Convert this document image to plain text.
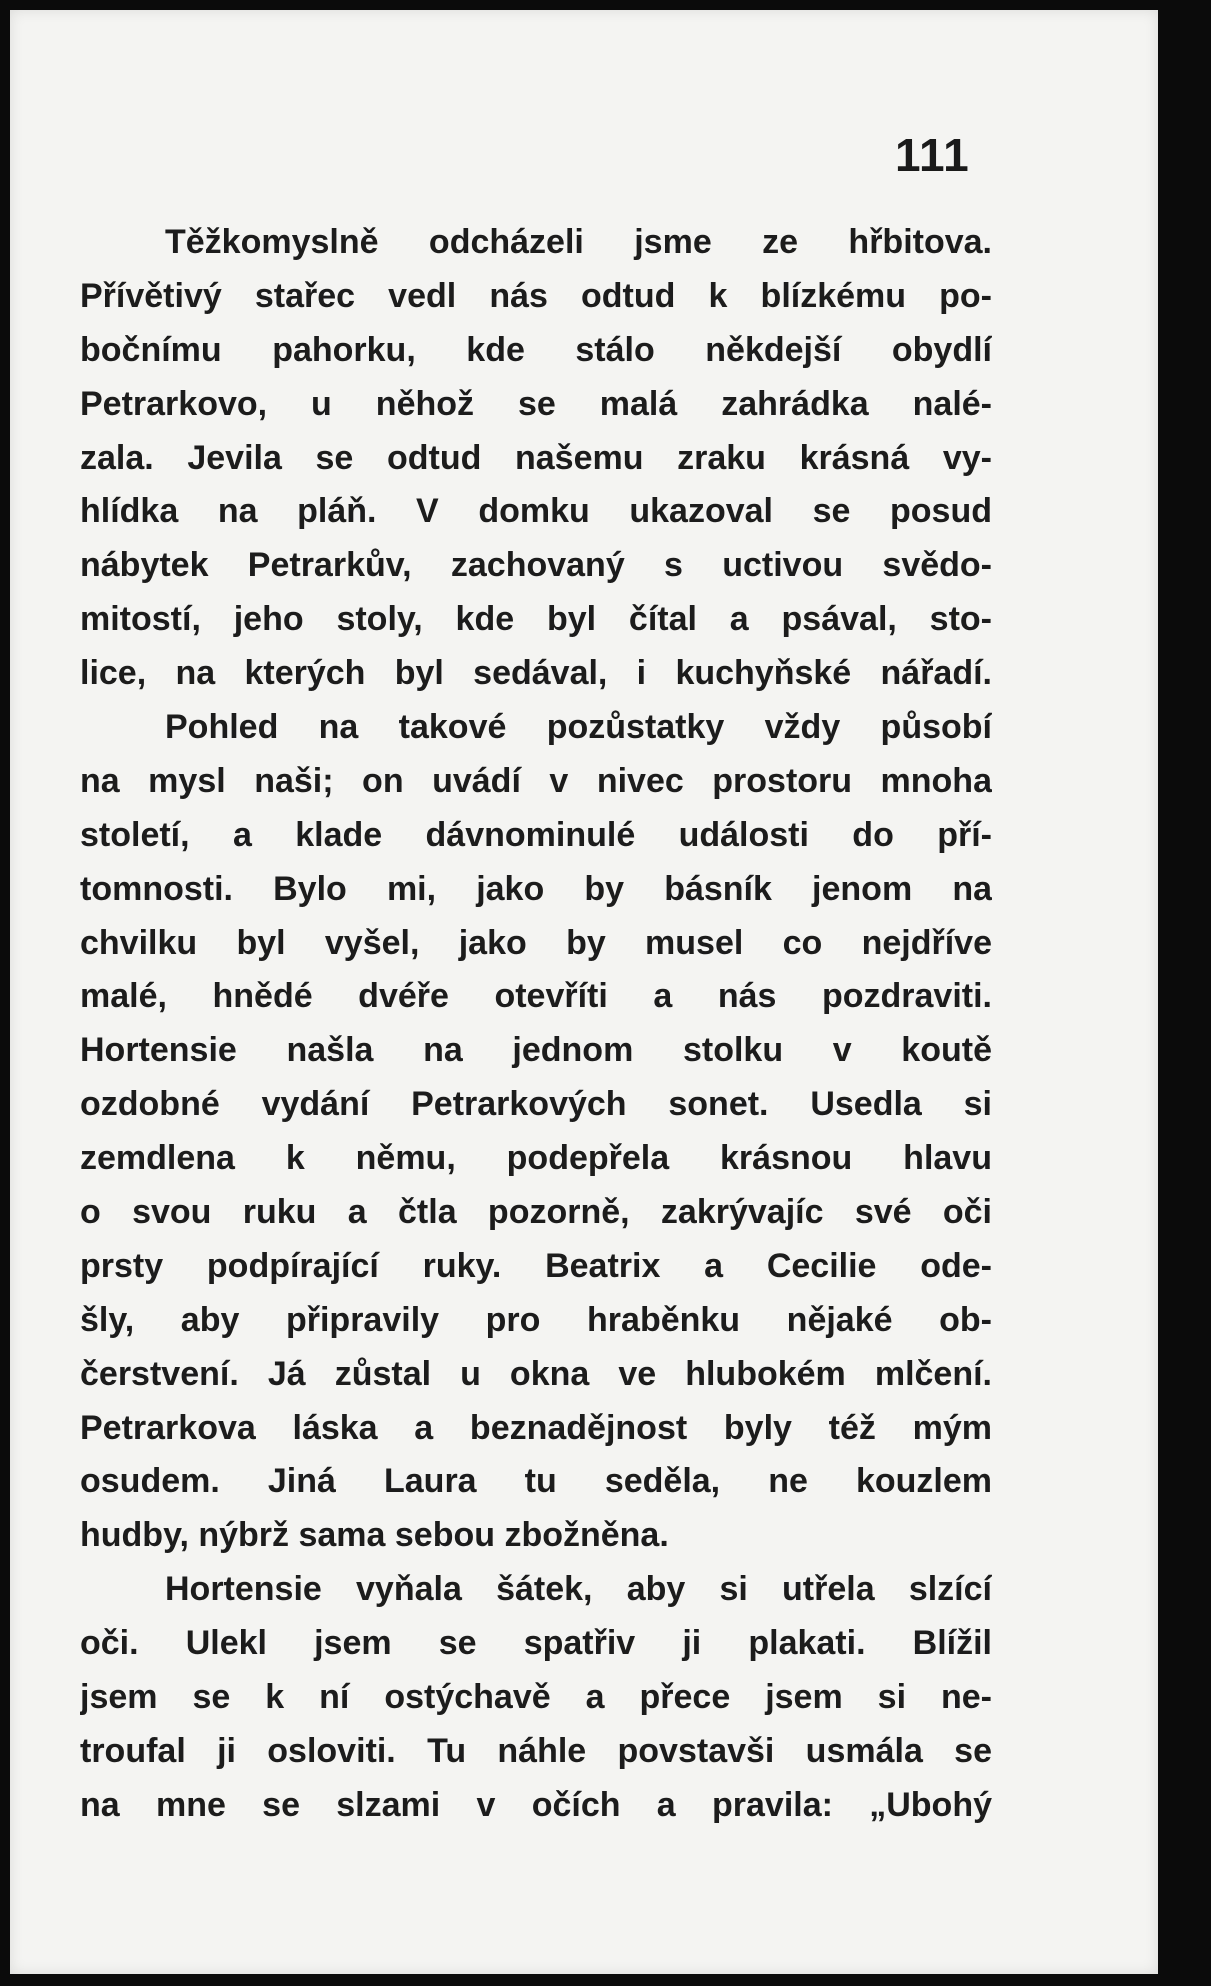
111
Těžkomyslně odcházeli jsme ze hřbitova.
Přívětivý stařec vedl nás odtud k blízkému po-
bočnímu pahorku, kde stálo někdejší obydlí
Petrarkovo, u něhož se malá zahrádka nalé-
zala. Jevila se odtud našemu zraku krásná vy-
hlídka na pláň. V domku ukazoval se posud
nábytek Petrarkův, zachovaný s uctivou svědo-
mitostí, jeho stoly, kde byl čítal a psával, sto-
lice, na kterých byl sedával, i kuchyňské nářadí.
Pohled na takové pozůstatky vždy působí
na mysl naši; on uvádí v nivec prostoru mnoha
století, a klade dávnominulé události do pří-
tomnosti. Bylo mi, jako by básník jenom na
chvilku byl vyšel, jako by musel co nejdříve
malé, hnědé dvéře otevříti a nás pozdraviti.
Hortensie našla na jednom stolku v koutě
ozdobné vydání Petrarkových sonet. Usedla si
zemdlena k němu, podepřela krásnou hlavu
o svou ruku a čtla pozorně, zakrývajíc své oči
prsty podpírající ruky. Beatrix a Cecilie ode-
šly, aby připravily pro hraběnku nějaké ob-
čerstvení. Já zůstal u okna ve hlubokém mlčení.
Petrarkova láska a beznadějnost byly též mým
osudem. Jiná Laura tu seděla, ne kouzlem
hudby, nýbrž sama sebou zbožněna.
Hortensie vyňala šátek, aby si utřela slzící
oči. Ulekl jsem se spatřiv ji plakati. Blížil
jsem se k ní ostýchavě a přece jsem si ne-
troufal ji osloviti. Tu náhle povstavši usmála se
na mne se slzami v očích a pravila: „Ubohý
